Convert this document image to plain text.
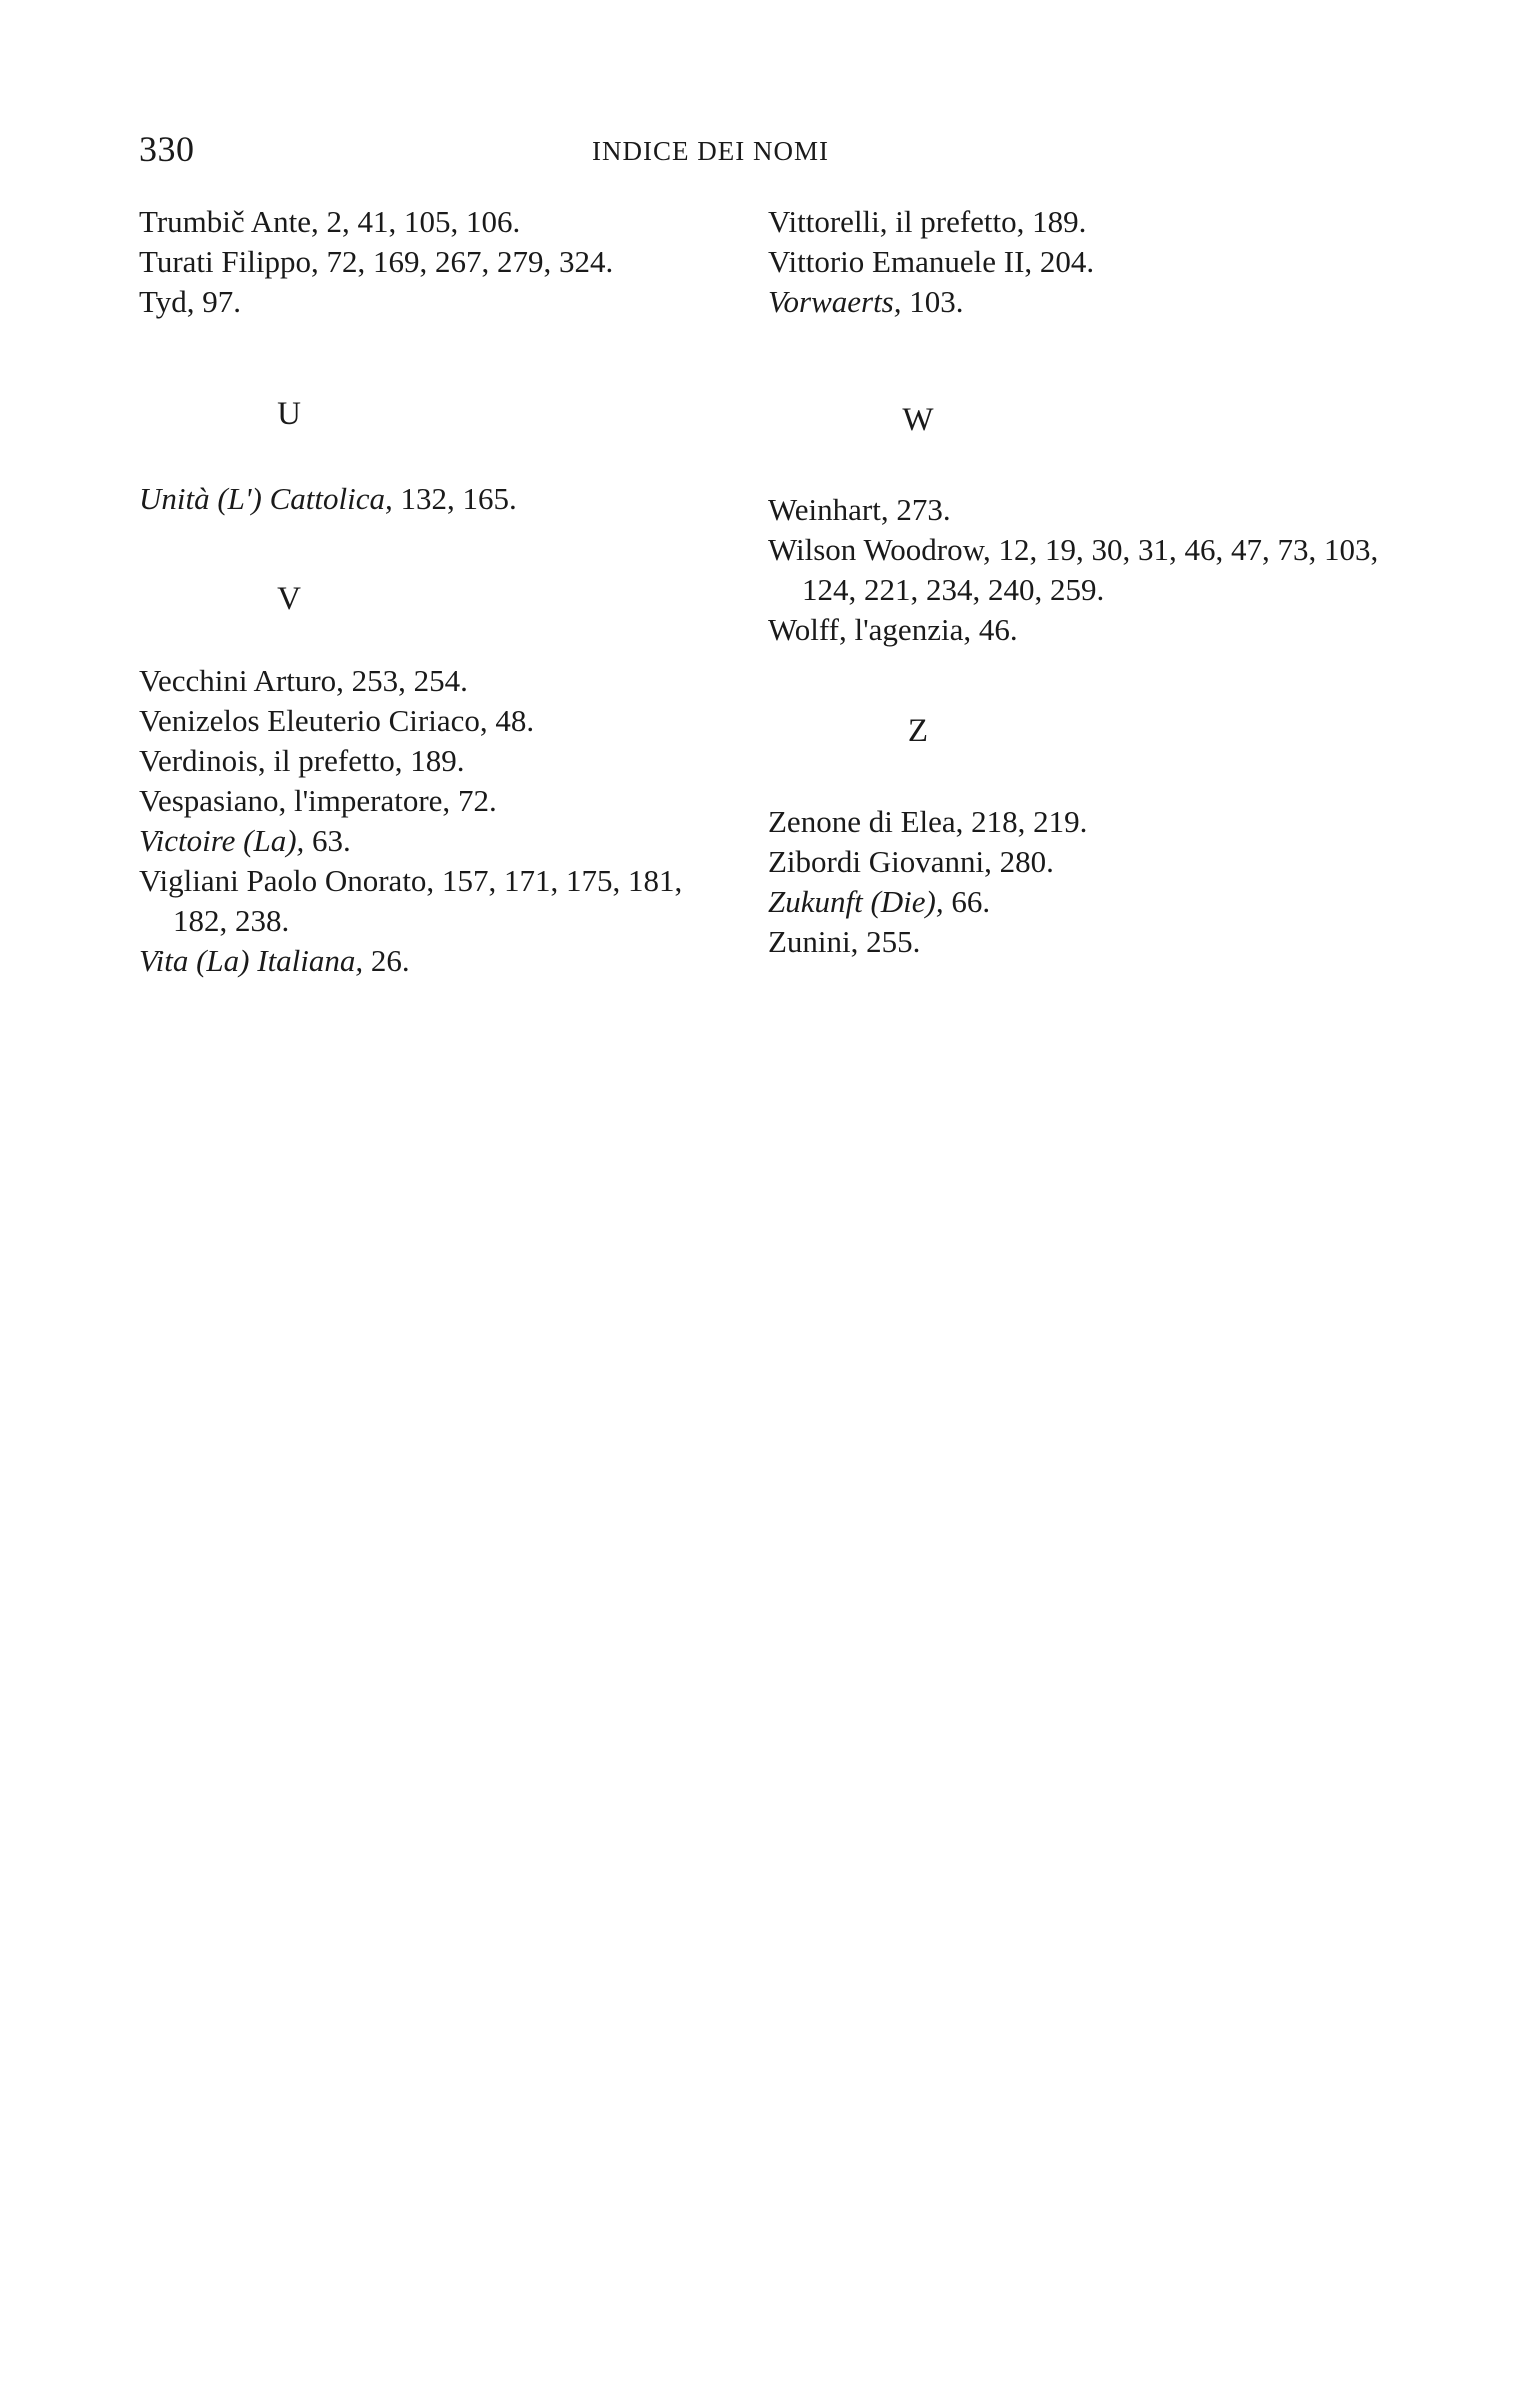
330	INDICE DEI NOMI

Trumbič Ante, 2, 41, 105, 106.

Turati Filippo, 72, 169, 267, 279, 324.

Tyd, 97.

U

Unità (L') Cattolica, 132, 165.

V

Vecchini Arturo, 253, 254.

Venizelos Eleuterio Ciriaco, 48.

Verdinois, il prefetto, 189.

Vespasiano, l'imperatore, 72.

Victoire (La), 63.

Vigliani Paolo Onorato, 157, 171, 175, 181, 182, 238.

Vita (La) Italiana, 26.

Vittorelli, il prefetto, 189.

Vittorio Emanuele II, 204.

Vorwaerts, 103.

W

Weinhart, 273.

Wilson Woodrow, 12, 19, 30, 31, 46, 47, 73, 103, 124, 221, 234, 240, 259.

Wolff, l'agenzia, 46.

Z

Zenone di Elea, 218, 219.

Zibordi Giovanni, 280.

Zukunft (Die), 66.

Zunini, 255.
